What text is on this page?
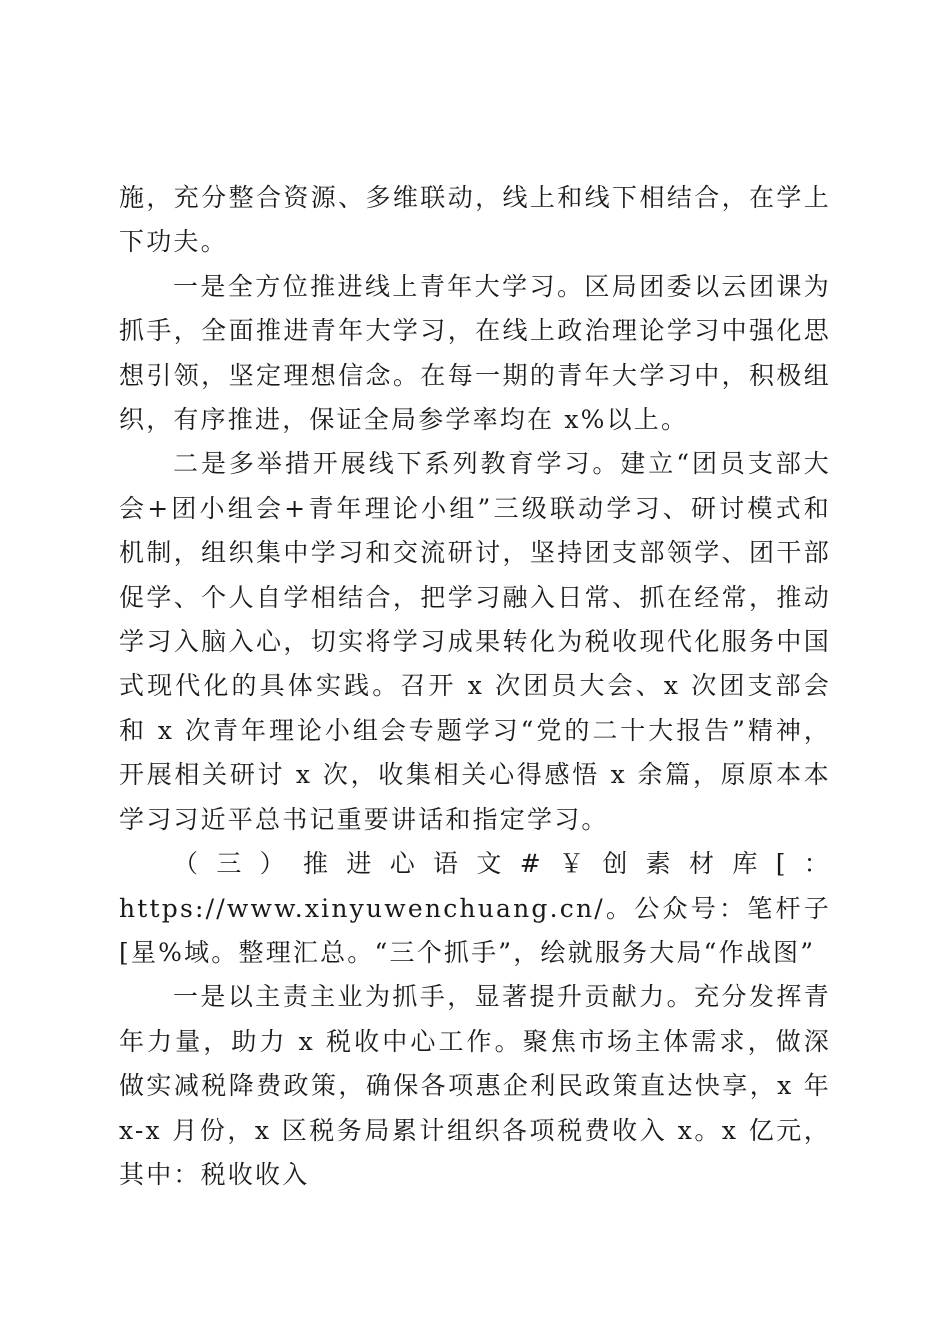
施，充分整合资源、多维联动，线上和线下相结合，在学上下功夫。

一是全方位推进线上青年大学习。区局团委以云团课为抓手，全面推进青年大学习，在线上政治理论学习中强化思想引领，坚定理想信念。在每一期的青年大学习中，积极组织，有序推进，保证全局参学率均在 x%以上。

二是多举措开展线下系列教育学习。建立“团员支部大会+团小组会+青年理论小组”三级联动学习、研讨模式和机制，组织集中学习和交流研讨，坚持团支部领学、团干部促学、个人自学相结合，把学习融入日常、抓在经常，推动学习入脑入心，切实将学习成果转化为税收现代化服务中国式现代化的具体实践。召开 x 次团员大会、x 次团支部会和 x 次青年理论小组会专题学习“党的二十大报告”精神，开展相关研讨 x 次，收集相关心得感悟 x 余篇，原原本本学习习近平总书记重要讲话和指定学习。

（三）推进心语文#￥创素材库[：https://www.xinyuwenchuang.cn/。公众号：笔杆子[星%域。整理汇总。“三个抓手”，绘就服务大局“作战图”

一是以主责主业为抓手，显著提升贡献力。充分发挥青年力量，助力 x 税收中心工作。聚焦市场主体需求，做深做实减税降费政策，确保各项惠企利民政策直达快享，x 年 x-x 月份，x 区税务局累计组织各项税费收入 x。x 亿元，其中：税收收入
